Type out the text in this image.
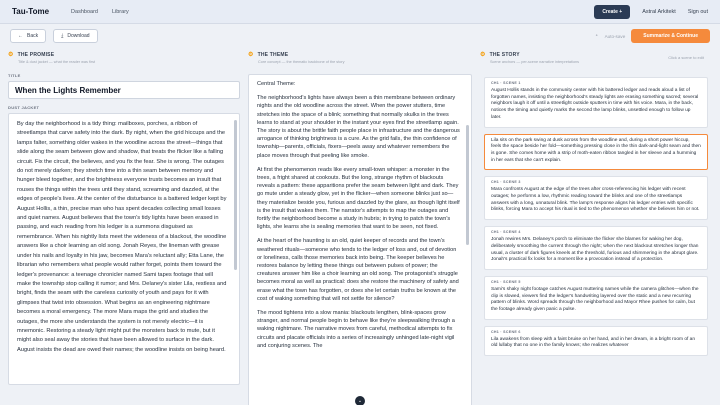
Tau-Tome	Dashboard	Library	Create +	Astral Arkitekt Sign out
← Back	⤓ Download	⚬ Auto-save	Summarize & Continue
⚙ THE PROMISE
Title & dust jacket — what the reader was first
TITLE
When the Lights Remember
DUST JACKET
By day the neighborhood is a tidy thing: mailboxes, porches, a ribbon of streetlamps that carve safety into the dark. By night, when the grid hiccups and the lamps falter, something older wakes in the woodline across the street—things that slide along the seam between glow and shadow, that treats the flicker like a falling circuit. Fix the circuit, the believes, and you fix the fear. She is wrong. The outages do not merely darken; they stretch time into a thin seam between memory and hunger bleed together, and the brightness everyone trusts becomes an insult that rouses the things within the trees until they stand, screaming and dazzled, at the edges of people's lives. At the center of the disturbance is a battered ledger kept by August Hollis, a thin, precise man who has spent decades collecting small losses and quiet names. August believes that the town's tidy lights have been erased in passing, and each reading from his ledger is a summons disguised as remembrance. When his nightly lists meet the wideness of a blackout, the woodline answers like a choir learning an old song. Jonah Reyes, the lineman with grease under his nails and loyalty in his jaw, becomes Mara's reluctant ally; Etta Lane, the librarian who remembers what people would rather forget, points them toward the ledger's provenance: a teenage chronicler named Sami tapes footage that will make the township stop calling it rumor; and Mrs. Delaney's sister Lila, restless and bright, finds the seam with the careless curiosity of youth and pays for it with glimpses that twist into obsession. What begins as an engineering nightmare becomes a moral emergency. The more Mara maps the grid and studies the outages, the more she understands the system is not merely electric—it is mnemonic. Restoring a steady light might put the monsters back to mute, but it might also seal away the stories that have been allowed to surface in the dark. August insists the dead are owed their names; the woodline insists on being heard.
⚙ THE THEME
Core concept — the thematic backbone of the story

Central Theme:

The neighborhood's lights have always been a thin membrane between ordinary nights and the old woodline across the street. When the power stutters, time stretches into the space of a blink; something that normally skulks in the trees learns to stand at your shoulder in the instant your eyes find the streetlamp again. The story is about the brittle faith people place in infrastructure and the dangerous arrogance of thinking brightness is a cure. As the grid fails, the thin confidence of township—parents, officials, fixers—peels away and whatever remembers the place moves through that peeling like smoke.

At first the phenomenon reads like every small-town whisper: a monster in the trees, a fright shared at cookouts. But the long, strange rhythm of blackouts reveals a pattern: these apparitions prefer the seam between light and dark. They go mute under a steady glow, yet in the flicker—when someone blinks just so—they materialize beside you, furious and dazzled by the glare, as though light itself is the insult that wakes them. The narrator's attempts to map the outages and fortify the neighborhood become a study in hubris; in trying to patch the town's lights, she learns she is sealing memories that want to be seen, not fixed.

At the heart of the haunting is an old, quiet keeper of records and the town's weathered rituals—someone who tends to the ledger of loss and, out of devotion or loneliness, calls those memories back into being. The keeper believes he restores balance by letting these things out between pulses of power; the creatures answer him like a choir learning an old song. The protagonist's struggle becomes moral as well as practical: does she restore the machinery of safety and erase what the town has forgotten, or does she let certain truths be known at the cost of waking something that will not settle for silence?

The mood tightens into a slow mania: blackouts lengthen, blink-spaces grow stranger, and normal people begin to behave like they're sleepwalking through a waking nightmare. The narrative moves from careful, methodical attempts to fix circuits and placate officials into a series of increasingly unhinged late-night vigil and conjuring scenes. The

⚙ THE STORY
Scene anchors — per-scene narrative interpretations
Click a scene to edit
CH1 · SCENE 1
August Hollis stands in the community center with his battered ledger and reads aloud a list of forgotten names, insisting the neighborhood's steady lights are erasing something sacred; several neighbors laugh it off until a streetlight outside sputters in time with his voice. Mara, in the back, notices the timing and quietly marks the second the lamp blinks, unsettled enough to follow up later.
Lila sits on the park swing at dusk across from the woodline and, during a short power hiccup, feels the space beside her fold—something pressing close in the thin dark-and-light seam and then is gone. She comes home with a strip of moth-eaten ribbon tangled in her sleeve and a humming in her ears that she can't explain.
CH1 · SCENE 3
Mara confronts August at the edge of the trees after cross-referencing his ledger with recent outages; he performs a low, rhythmic reading toward the blinks and one of the streetlamps answers with a long, unnatural blink. The lamp's response aligns his ledger entries with specific blinks, forcing Mara to accept his ritual is tied to the phenomenon whether she believes him or not.
CH1 · SCENE 4
Jonah rewires Mrs. Delaney's porch to eliminate the flicker she blames for waking her dog, deliberately smoothing the current through the night; when the next blackout stretches longer than usual, a cluster of dark figures kneels at the threshold, furious and shimmering in the abrupt glare. Jonah's practical fix looks for a moment like a provocation instead of a protection.
CH1 · SCENE 5
Sami's shaky night footage catches August muttering names while the camera glitches—when the clip is slowed, viewers find the ledger's handwriting layered over the static and a new recurring pattern of blinks. Word spreads through the neighborhood and Mayor Rhee pushes for calm, but the footage already given panic a pulse.
CH1 · SCENE 6
Lila awakens from sleep with a faint bruise on her hand, and in her dream, in a bright room of an old lullaby that no one in the family knows; she realizes whatever
⌄
